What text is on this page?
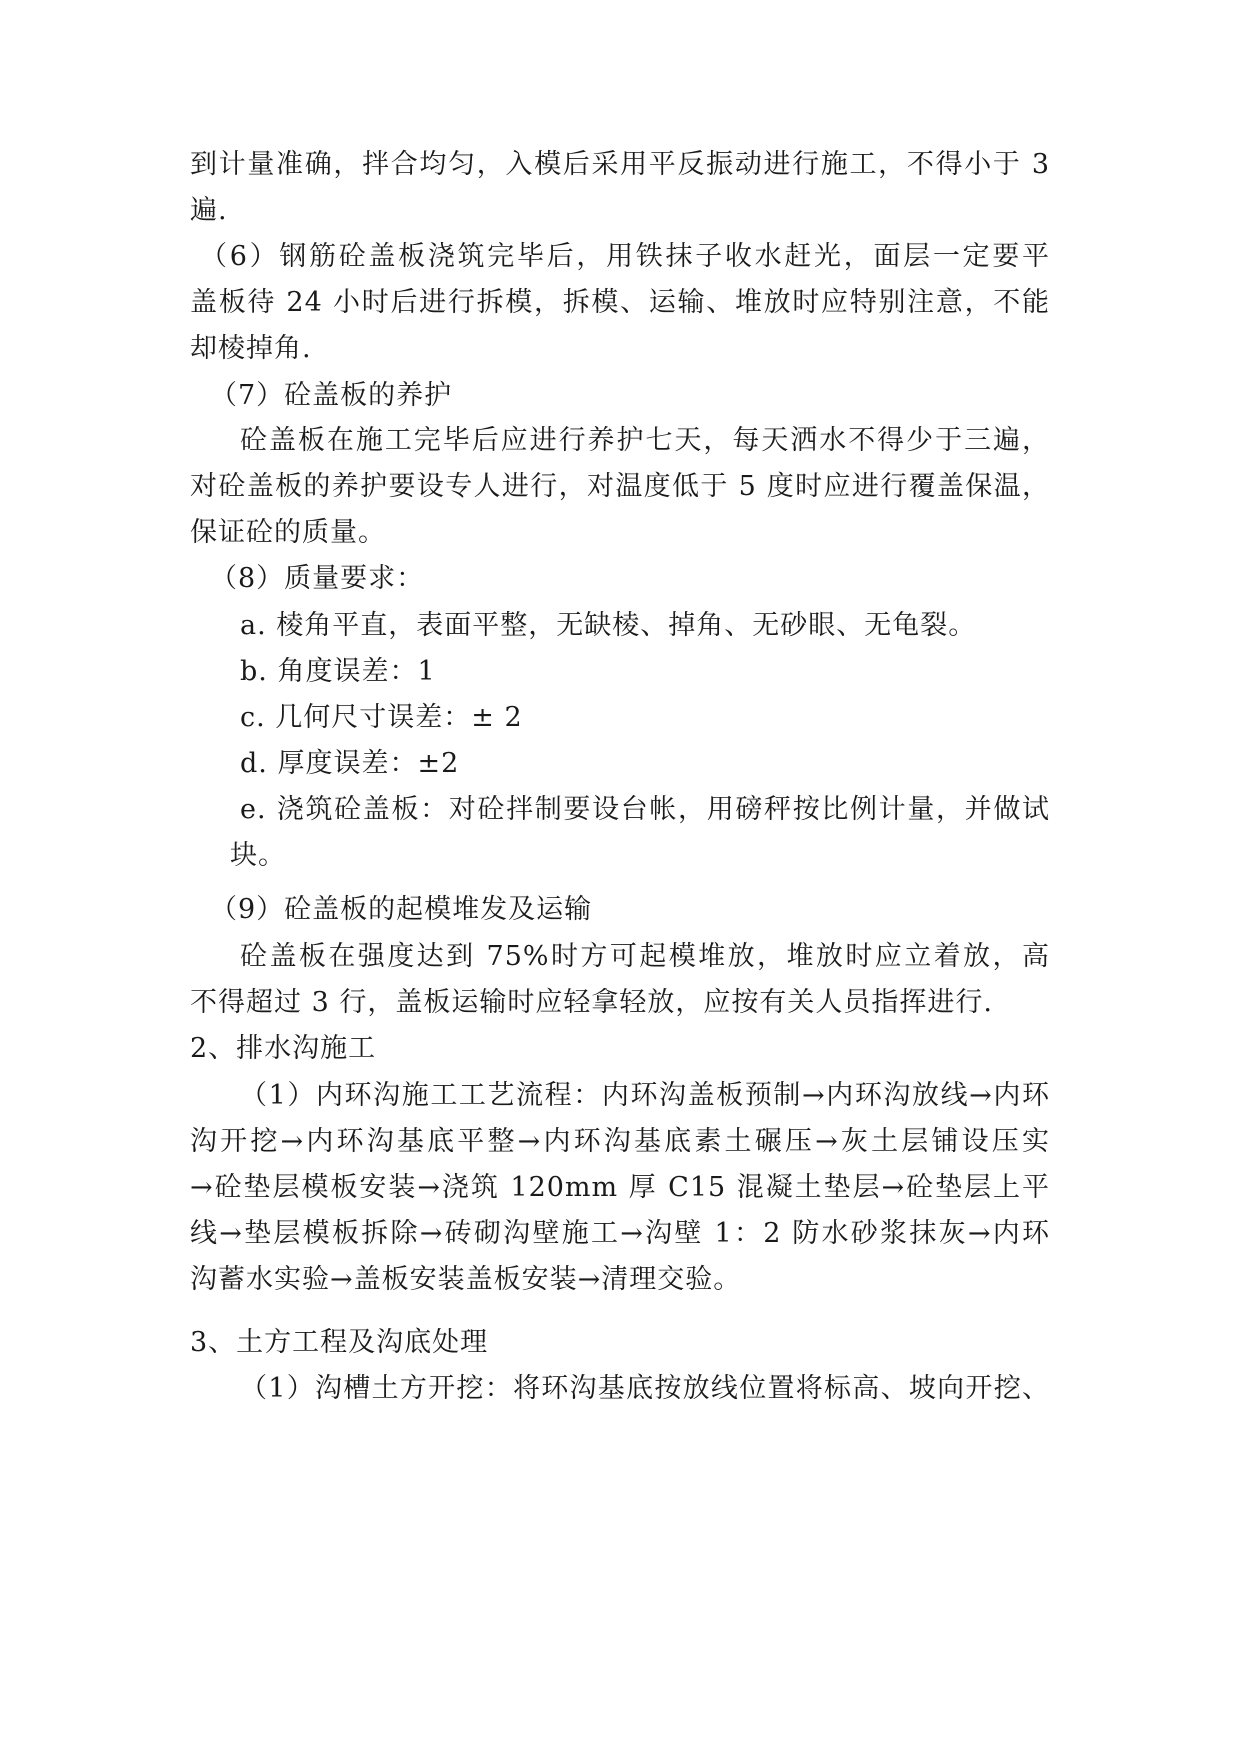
到计量准确，拌合均匀，入模后采用平反振动进行施工，不得小于 3
遍.
（6）钢筋砼盖板浇筑完毕后，用铁抹子收水赶光，面层一定要平
盖板待 24 小时后进行拆模，拆模、运输、堆放时应特别注意，不能
却棱掉角.
（7）砼盖板的养护
砼盖板在施工完毕后应进行养护七天，每天洒水不得少于三遍，
对砼盖板的养护要设专人进行，对温度低于 5 度时应进行覆盖保温，
保证砼的质量。
（8）质量要求：
a. 棱角平直，表面平整，无缺棱、掉角、无砂眼、无龟裂。
b. 角度误差：1
c. 几何尺寸误差：± 2
d. 厚度误差：±2
e. 浇筑砼盖板：对砼拌制要设台帐，用磅秤按比例计量，并做试
块。
（9）砼盖板的起模堆发及运输
砼盖板在强度达到 75%时方可起模堆放，堆放时应立着放，高
不得超过 3 行，盖板运输时应轻拿轻放，应按有关人员指挥进行.
2、排水沟施工
（1）内环沟施工工艺流程：内环沟盖板预制→内环沟放线→内环
沟开挖→内环沟基底平整→内环沟基底素土碾压→灰土层铺设压实
→砼垫层模板安装→浇筑 120mm 厚 C15 混凝土垫层→砼垫层上平
线→垫层模板拆除→砖砌沟壁施工→沟壁 1：2 防水砂浆抹灰→内环
沟蓄水实验→盖板安装盖板安装→清理交验。
3、土方工程及沟底处理
（1）沟槽土方开挖：将环沟基底按放线位置将标高、坡向开挖、
